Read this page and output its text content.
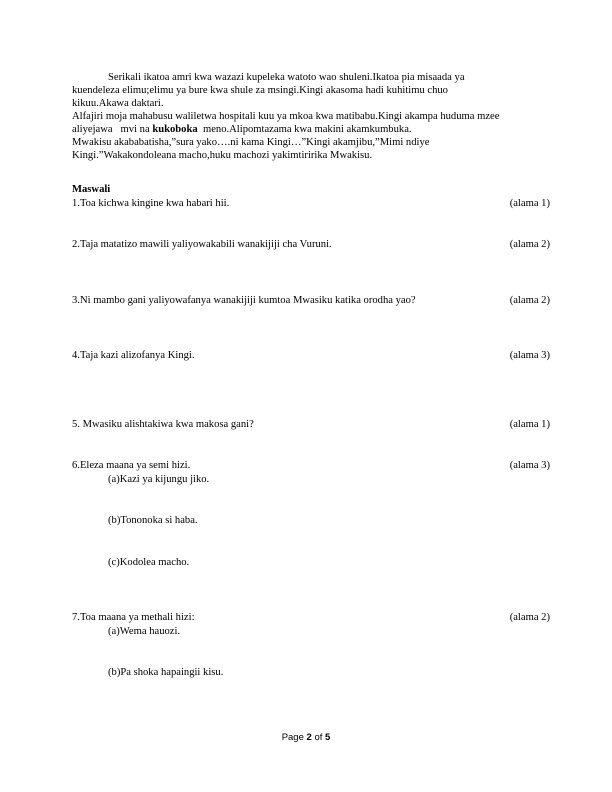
Serikali ikatoa amri kwa wazazi kupeleka watoto wao shuleni.Ikatoa pia misaada ya

kuendeleza elimu;elimu ya bure kwa shule za msingi.Kingi akasoma hadi kuhitimu chuo

kikuu.Akawa daktari.

Alfajiri moja mahabusu waliletwa hospitali kuu ya mkoa kwa matibabu.Kingi akampa huduma mzee

aliyejawa   mvi na kukoboka  meno.Alipomtazama kwa makini akamkumbuka.

Mwakisu akababatisha,”sura yako….ni kama Kingi…”Kingi akamjibu,”Mimi ndiye

Kingi.”Wakakondoleana macho,huku machozi yakimtiririka Mwakisu.

Maswali

1.Toa kichwa kingine kwa habari hii.	(alama 1)
2.Taja matatizo mawili yaliyowakabili wanakijiji cha Vuruni.	(alama 2)
3.Ni mambo gani yaliyowafanya wanakijiji kumtoa Mwasiku katika orodha yao?	(alama 2)
4.Taja kazi alizofanya Kingi.	(alama 3)
5. Mwasiku alishtakiwa kwa makosa gani?	(alama 1)
6.Eleza maana ya semi hizi.	(alama 3)
(a)Kazi ya kijungu jiko.
(b)Tononoka si haba.
(c)Kodolea macho.
7.Toa maana ya methali hizi:	(alama 2)
(a)Wema hauozi.
(b)Pa shoka hapaingii kisu.
Page 2 of 5
